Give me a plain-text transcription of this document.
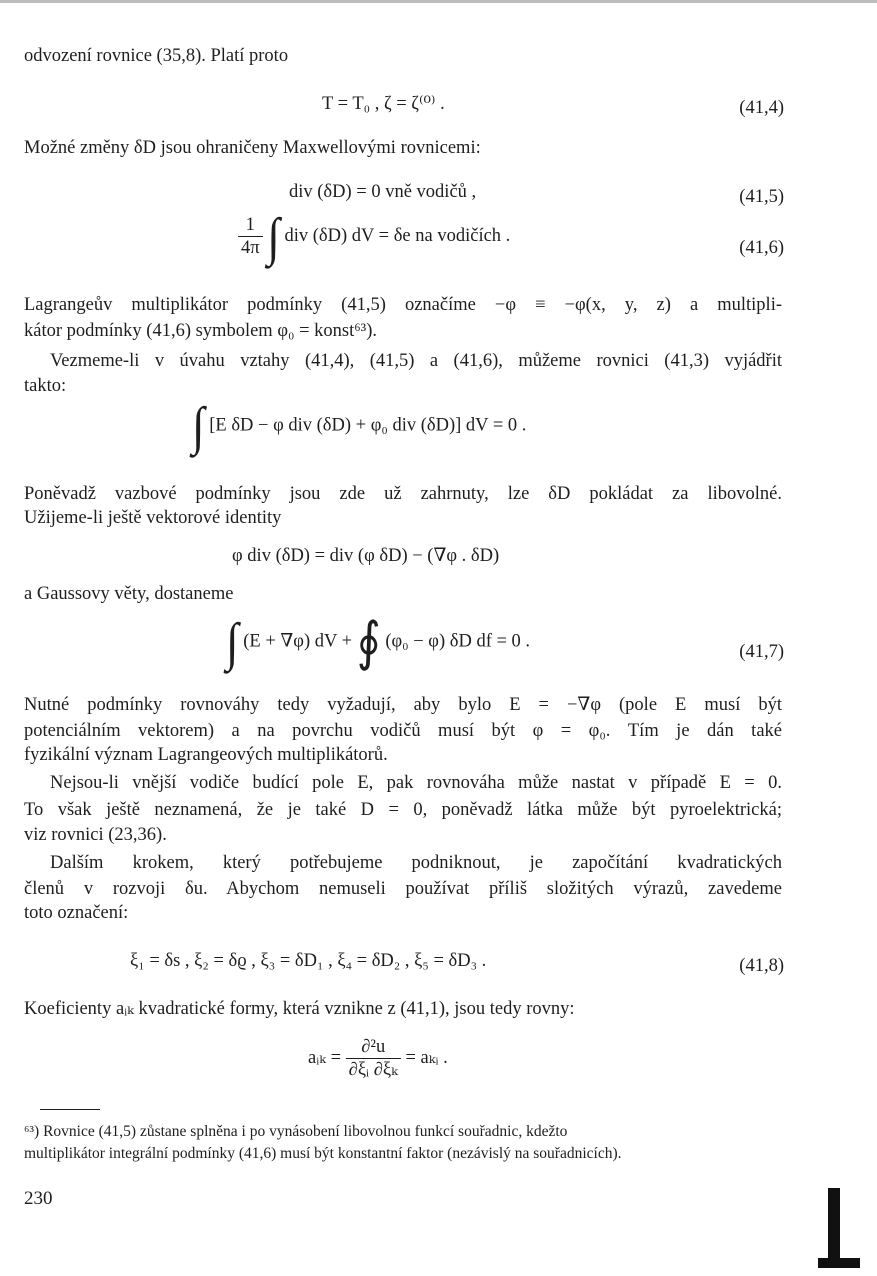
odvození rovnice (35,8). Platí proto
T = T₀ , ζ = ζ⁽⁰⁾ .	(41,4)
Možné změny δD jsou ohraničeny Maxwellovými rovnicemi:
div (δD) = 0 vně vodičů ,	(41,5)
$\frac{1}{4\pi}$ ∫ div (δD) dV = δe na vodičích .
(41,6)
Lagrangeův multiplikátor podmínky (41,5) označíme −φ ≡ −φ(x, y, z) a multipli-
kátor podmínky (41,6) symbolem φ₀ = konst⁶³).
Vezmeme-li v úvahu vztahy (41,4), (41,5) a (41,6), můžeme rovnici (41,3) vyjádřit
takto:
∫ [E δD − φ div (δD) + φ₀ div (δD)] dV = 0 .
Poněvadž vazbové podmínky jsou zde už zahrnuty, lze δD pokládat za libovolné.
Užijeme-li ještě vektorové identity
φ div (δD) = div (φ δD) − (∇φ . δD)
a Gaussovy věty, dostaneme
∫ (E + ∇φ) dV + ∮ (φ₀ − φ) δD df = 0 .
(41,7)
Nutné podmínky rovnováhy tedy vyžadují, aby bylo E = −∇φ (pole E musí být
potenciálním vektorem) a na povrchu vodičů musí být φ = φ₀. Tím je dán také
fyzikální význam Lagrangeových multiplikátorů.
Nejsou-li vnější vodiče budící pole E, pak rovnováha může nastat v případě E = 0.
To však ještě neznamená, že je také D = 0, poněvadž látka může být pyroelektrická;
viz rovnici (23,36).
Dalším krokem, který potřebujeme podniknout, je započítání kvadratických
členů v rozvoji δu. Abychom nemuseli používat příliš složitých výrazů, zavedeme
toto označení:
ξ₁ = δs , ξ₂ = δϱ , ξ₃ = δD₁ , ξ₄ = δD₂ , ξ₅ = δD₃ .	(41,8)
Koeficienty aᵢₖ kvadratické formy, která vznikne z (41,1), jsou tedy rovny:
aᵢₖ = $\frac{\text{∂²u}}{\text{∂ξᵢ ∂ξₖ}}$ = aₖᵢ .
⁶³) Rovnice (41,5) zůstane splněna i po vynásobení libovolnou funkcí souřadnic, kdežto
multiplikátor integrální podmínky (41,6) musí být konstantní faktor (nezávislý na souřadnicích).
230
